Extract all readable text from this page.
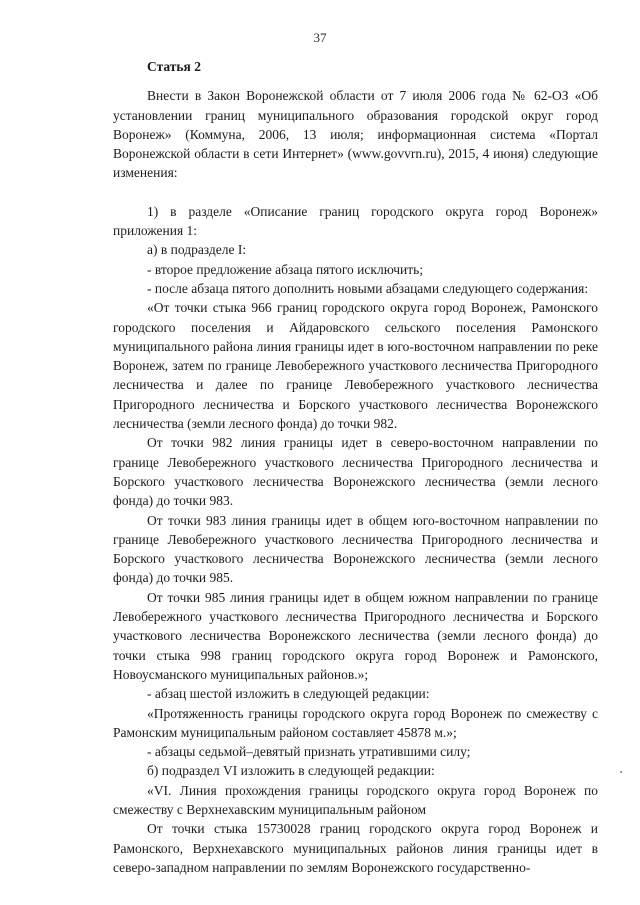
37
Статья 2

Внести в Закон Воронежской области от 7 июля 2006 года № 62-ОЗ «Об установлении границ муниципального образования городской округ город Воронеж» (Коммуна, 2006, 13 июля; информационная система «Портал Воронежской области в сети Интернет» (www.govvrn.ru), 2015, 4 июня) следующие изменения:

1) в разделе «Описание границ городского округа город Воронеж» приложения 1:

а) в подразделе I:

- второе предложение абзаца пятого исключить;

- после абзаца пятого дополнить новыми абзацами следующего содержания:

«От точки стыка 966 границ городского округа город Воронеж, Рамонского городского поселения и Айдаровского сельского поселения Рамонского муниципального района линия границы идет в юго-восточном направлении по реке Воронеж, затем по границе Левобережного участкового лесничества Пригородного лесничества и далее по границе Левобережного участкового лесничества Пригородного лесничества и Борского участкового лесничества Воронежского лесничества (земли лесного фонда) до точки 982.

От точки 982 линия границы идет в северо-восточном направлении по границе Левобережного участкового лесничества Пригородного лесничества и Борского участкового лесничества Воронежского лесничества (земли лесного фонда) до точки 983.

От точки 983 линия границы идет в общем юго-восточном направлении по границе Левобережного участкового лесничества Пригородного лесничества и Борского участкового лесничества Воронежского лесничества (земли лесного фонда) до точки 985.

От точки 985 линия границы идет в общем южном направлении по границе Левобережного участкового лесничества Пригородного лесничества и Борского участкового лесничества Воронежского лесничества (земли лесного фонда) до точки стыка 998 границ городского округа город Воронеж и Рамонского, Новоусманского муниципальных районов.»;

- абзац шестой изложить в следующей редакции:

«Протяженность границы городского округа город Воронеж по смежеству с Рамонским муниципальным районом составляет 45878 м.»;

- абзацы седьмой–девятый признать утратившими силу;

б) подраздел VI изложить в следующей редакции:

«VI. Линия прохождения границы городского округа город Воронеж по смежеству с Верхнехавским муниципальным районом

От точки стыка 15730028 границ городского округа город Воронеж и Рамонского, Верхнехавского муниципальных районов линия границы идет в северо-западном направлении по землям Воронежского государственно-
